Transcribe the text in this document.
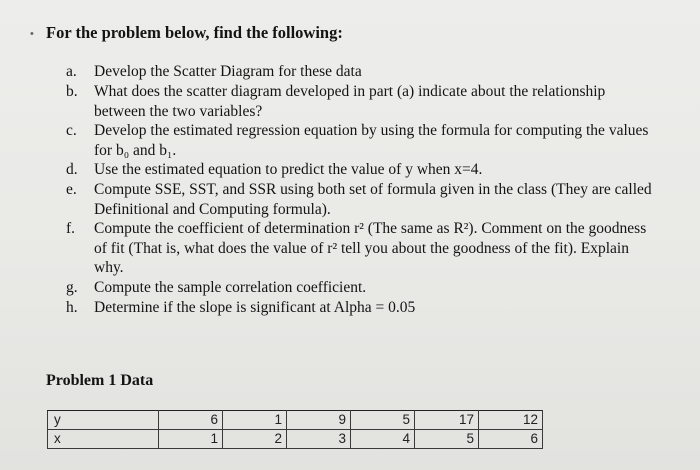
• For the problem below, find the following:
a.	Develop the Scatter Diagram for these data
b.	What does the scatter diagram developed in part (a) indicate about the relationship between the two variables?
c.	Develop the estimated regression equation by using the formula for computing the values for b₀ and b₁.
d.	Use the estimated equation to predict the value of y when x=4.
e.	Compute SSE, SST, and SSR using both set of formula given in the class (They are called Definitional and Computing formula).
f.	Compute the coefficient of determination r² (The same as R²). Comment on the goodness of fit (That is, what does the value of r² tell you about the goodness of the fit). Explain why.
g.	Compute the sample correlation coefficient.
h.	Determine if the slope is significant at Alpha = 0.05
Problem 1 Data
y	6	1	9	5	17	12
x	1	2	3	4	5	6
